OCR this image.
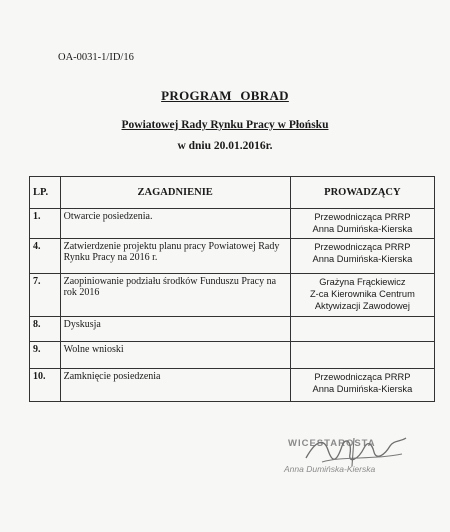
OA-0031-1/ID/16
PROGRAM OBRAD
Powiatowej Rady Rynku Pracy w Płońsku
w dniu 20.01.2016r.
LP.	ZAGADNIENIE	PROWADZĄCY
1.	Otwarcie posiedzenia.	Przewodnicząca PRRP
Anna Dumińska-Kierska

4.	Zatwierdzenie projektu planu pracy Powiatowej Rady Rynku Pracy na 2016 r.	Przewodnicząca PRRP
Anna Dumińska-Kierska

7.	Zaopiniowanie podziału środków Funduszu Pracy na rok 2016	Grażyna Frąckiewicz
Z-ca Kierownika Centrum
Aktywizacji Zawodowej

8.	Dyskusja	
9.	Wolne wnioski	
10.	Zamknięcie posiedzenia	Przewodnicząca PRRP
Anna Dumińska-Kierska
WICESTAROSTA
Anna Dumińska-Kierska
